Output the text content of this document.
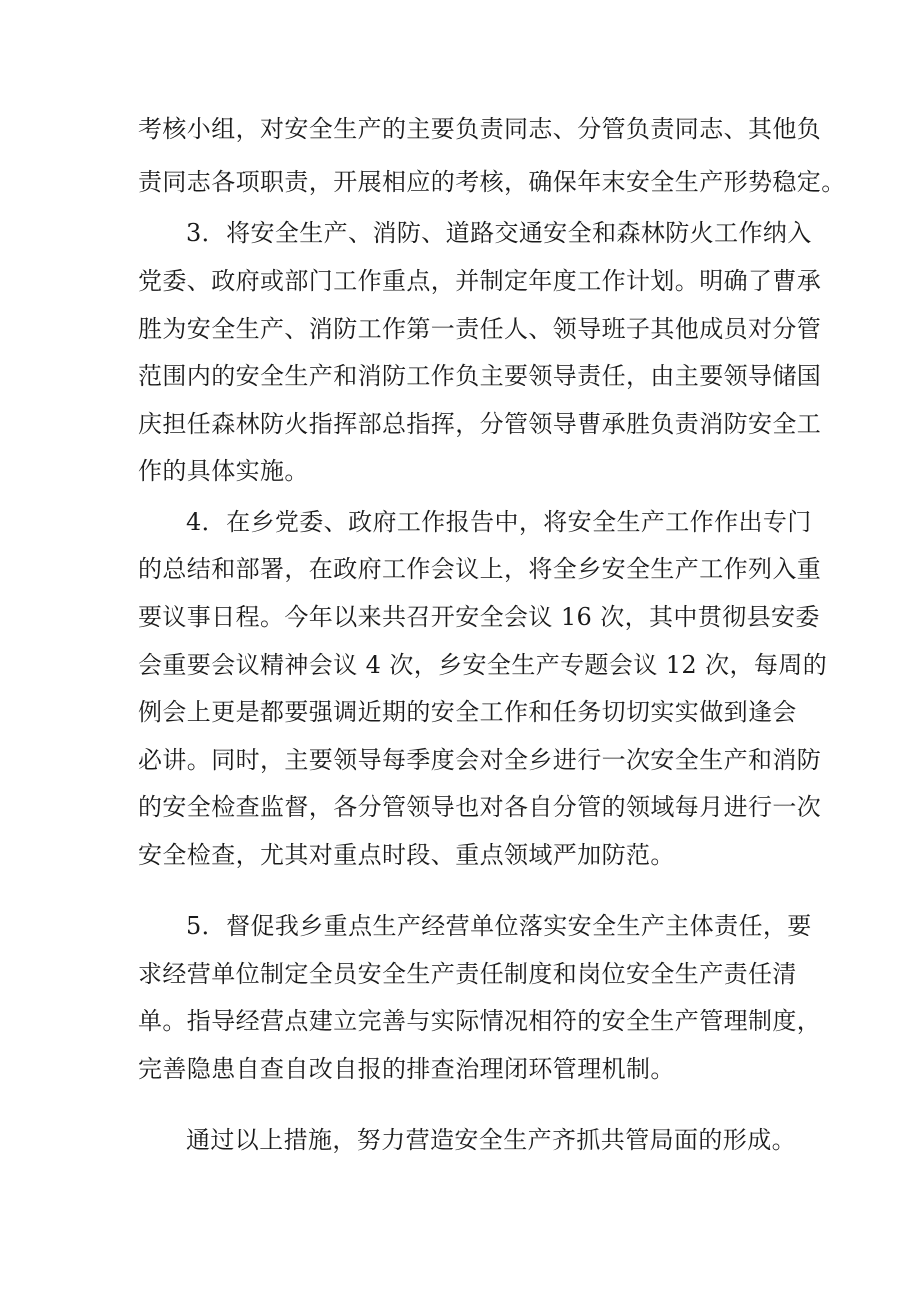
考核小组，对安全生产的主要负责同志、分管负责同志、其他负
责同志各项职责，开展相应的考核，确保年末安全生产形势稳定。
3．将安全生产、消防、道路交通安全和森林防火工作纳入
党委、政府或部门工作重点，并制定年度工作计划。明确了曹承
胜为安全生产、消防工作第一责任人、领导班子其他成员对分管
范围内的安全生产和消防工作负主要领导责任，由主要领导储国
庆担任森林防火指挥部总指挥，分管领导曹承胜负责消防安全工
作的具体实施。
4．在乡党委、政府工作报告中，将安全生产工作作出专门
的总结和部署，在政府工作会议上，将全乡安全生产工作列入重
要议事日程。今年以来共召开安全会议 16 次，其中贯彻县安委
会重要会议精神会议 4 次，乡安全生产专题会议 12 次，每周的
例会上更是都要强调近期的安全工作和任务切切实实做到逢会
必讲。同时，主要领导每季度会对全乡进行一次安全生产和消防
的安全检查监督，各分管领导也对各自分管的领域每月进行一次
安全检查，尤其对重点时段、重点领域严加防范。
5．督促我乡重点生产经营单位落实安全生产主体责任，要
求经营单位制定全员安全生产责任制度和岗位安全生产责任清
单。指导经营点建立完善与实际情况相符的安全生产管理制度，
完善隐患自查自改自报的排查治理闭环管理机制。
通过以上措施，努力营造安全生产齐抓共管局面的形成。
